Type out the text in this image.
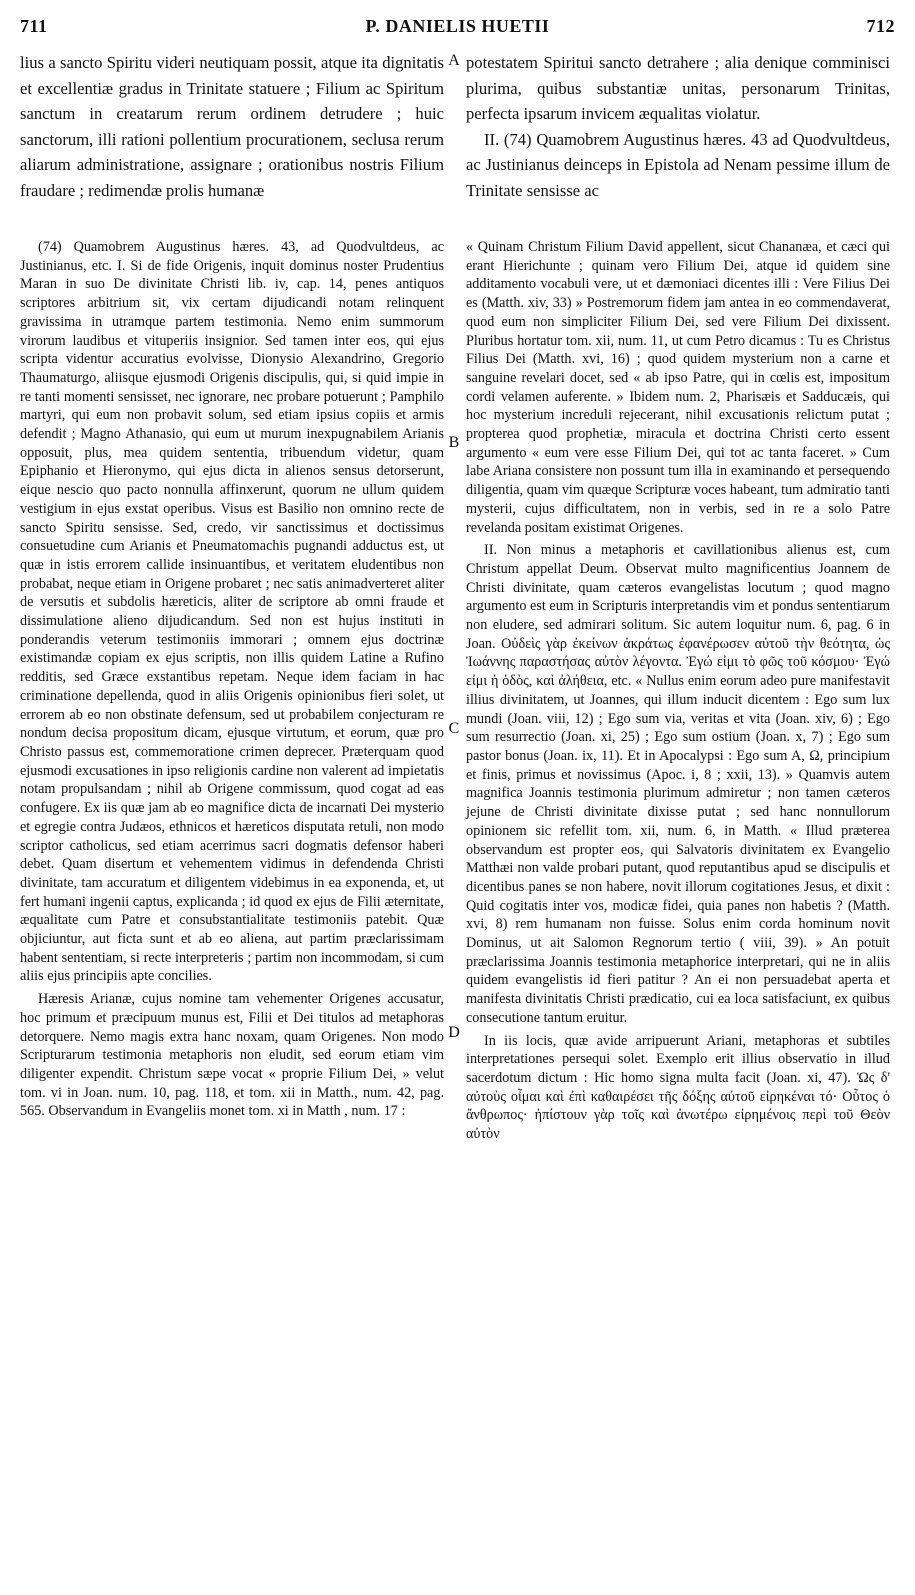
711	P. DANIELIS HUETII	712

lius a sancto Spiritu videri neutiquam possit, atque ita dignitatis et excellentiæ gradus in Trinitate statuere ; Filium ac Spiritum sanctum in creatarum rerum ordinem detrudere ; huic sanctorum, illi rationi pollentium procurationem, seclusa rerum aliarum administratione, assignare ; orationibus nostris Filium fraudare ; redimendæ prolis humanæ

potestatem Spiritui sancto detrahere ; alia denique comminisci plurima, quibus substantiæ unitas, personarum Trinitas, perfecta ipsarum invicem æqualitas violatur.

II. (74) Quamobrem Augustinus hæres. 43 ad Quodvultdeus, ac Justinianus deinceps in Epistola ad Nenam pessime illum de Trinitate sensisse ac

(74) Quamobrem Augustinus hæres. 43, ad Quodvultdeus, ac Justinianus, etc. I. Si de fide Origenis, inquit dominus noster Prudentius Maran in suo De divinitate Christi lib. iv, cap. 14, penes antiquos scriptores arbitrium sit, vix certam dijudicandi notam relinquent gravissima in utramque partem testimonia. Nemo enim summorum virorum laudibus et vituperiis insignior. Sed tamen inter eos, qui ejus scripta videntur accuratius evolvisse, Dionysio Alexandrino, Gregorio Thaumaturgo, aliisque ejusmodi Origenis discipulis, qui, si quid impie in re tanti momenti sensisset, nec ignorare, nec probare potuerunt ; Pamphilo martyri, qui eum non probavit solum, sed etiam ipsius copiis et armis defendit ; Magno Athanasio, qui eum ut murum inexpugnabilem Arianis opposuit, plus, mea quidem sententia, tribuendum videtur, quam Epiphanio et Hieronymo, qui ejus dicta in alienos sensus detorserunt, eique nescio quo pacto nonnulla affinxerunt, quorum ne ullum quidem vestigium in ejus exstat operibus. Visus est Basilio non omnino recte de sancto Spiritu sensisse. Sed, credo, vir sanctissimus et doctissimus consuetudine cum Arianis et Pneumatomachis pugnandi adductus est, ut quæ in istis errorem callide insinuantibus, et veritatem eludentibus non probabat, neque etiam in Origene probaret ; nec satis animadverteret aliter de versutis et subdolis hæreticis, aliter de scriptore ab omni fraude et dissimulatione alieno dijudicandum. Sed non est hujus instituti in ponderandis veterum testimoniis immorari ; omnem ejus doctrinæ existimandæ copiam ex ejus scriptis, non illis quidem Latine a Rufino redditis, sed Græce exstantibus repetam. Neque idem faciam in hac criminatione depellenda, quod in aliis Origenis opinionibus fieri solet, ut errorem ab eo non obstinate defensum, sed ut probabilem conjecturam re nondum decisa propositum dicam, ejusque virtutum, et eorum, quæ pro Christo passus est, commemoratione crimen deprecer. Præterquam quod ejusmodi excusationes in ipso religionis cardine non valerent ad impietatis notam propulsandam ; nihil ab Origene commissum, quod cogat ad eas confugere. Ex iis quæ jam ab eo magnifice dicta de incarnati Dei mysterio et egregie contra Judæos, ethnicos et hæreticos disputata retuli, non modo scriptor catholicus, sed etiam acerrimus sacri dogmatis defensor haberi debet. Quam disertum et vehementem vidimus in defendenda Christi divinitate, tam accuratum et diligentem videbimus in ea exponenda, et, ut fert humani ingenii captus, explicanda ; id quod ex ejus de Filii æternitate, æqualitate cum Patre et consubstantialitate testimoniis patebit. Quæ objiciuntur, aut ficta sunt et ab eo aliena, aut partim præclarissimam habent sententiam, si recte interpreteris ; partim non incommodam, si cum aliis ejus principiis apte concilies.

Hæresis Arianæ, cujus nomine tam vehementer Origenes accusatur, hoc primum et præcipuum munus est, Filii et Dei titulos ad metaphoras detorquere. Nemo magis extra hanc noxam, quam Origenes. Non modo Scripturarum testimonia metaphoris non eludit, sed eorum etiam vim diligenter expendit. Christum sæpe vocat « proprie Filium Dei, » velut tom. vi in Joan. num. 10, pag. 118, et tom. xii in Matth., num. 42, pag. 565. Observandum in Evangeliis monet tom. xi in Matth , num. 17 :

« Quinam Christum Filium David appellent, sicut Chananæa, et cæci qui erant Hierichunte ; quinam vero Filium Dei, atque id quidem sine additamento vocabuli vere, ut et dæmoniaci dicentes illi : Vere Filius Dei es (Matth. xiv, 33) » Postremorum fidem jam antea in eo commendaverat, quod eum non simpliciter Filium Dei, sed vere Filium Dei dixissent. Pluribus hortatur tom. xii, num. 11, ut cum Petro dicamus : Tu es Christus Filius Dei (Matth. xvi, 16) ; quod quidem mysterium non a carne et sanguine revelari docet, sed « ab ipso Patre, qui in cœlis est, impositum cordi velamen auferente. » Ibidem num. 2, Pharisæis et Sadducæis, qui hoc mysterium increduli rejecerant, nihil excusationis relictum putat ; propterea quod prophetiæ, miracula et doctrina Christi certo essent argumento « eum vere esse Filium Dei, qui tot ac tanta faceret. » Cum labe Ariana consistere non possunt tum illa in examinando et persequendo diligentia, quam vim quæque Scripturæ voces habeant, tum admiratio tanti mysterii, cujus difficultatem, non in verbis, sed in re a solo Patre revelanda positam existimat Origenes.

II. Non minus a metaphoris et cavillationibus alienus est, cum Christum appellat Deum. Observat multo magnificentius Joannem de Christi divinitate, quam cæteros evangelistas locutum ; quod magno argumento est eum in Scripturis interpretandis vim et pondus sententiarum non eludere, sed admirari solitum. Sic autem loquitur num. 6, pag. 6 in Joan. Οὐδεὶς γὰρ ἐκείνων ἀκράτως ἐφανέρωσεν αὐτοῦ τὴν θεότητα, ὡς Ἰωάννης παραστήσας αὐτὸν λέγοντα. Ἐγώ εἰμι τὸ φῶς τοῦ κόσμου· Ἐγώ εἰμι ἡ ὁδὸς, καὶ ἀλήθεια, etc. « Nullus enim eorum adeo pure manifestavit illius divinitatem, ut Joannes, qui illum inducit dicentem : Ego sum lux mundi (Joan. viii, 12) ; Ego sum via, veritas et vita (Joan. xiv, 6) ; Ego sum resurrectio (Joan. xi, 25) ; Ego sum ostium (Joan. x, 7) ; Ego sum pastor bonus (Joan. ix, 11). Et in Apocalypsi : Ego sum A, Ω, principium et finis, primus et novissimus (Apoc. i, 8 ; xxii, 13). » Quamvis autem magnifica Joannis testimonia plurimum admiretur ; non tamen cæteros jejune de Christi divinitate dixisse putat ; sed hanc nonnullorum opinionem sic refellit tom. xii, num. 6, in Matth. « Illud præterea observandum est propter eos, qui Salvatoris divinitatem ex Evangelio Matthæi non valde probari putant, quod reputantibus apud se discipulis et dicentibus panes se non habere, novit illorum cogitationes Jesus, et dixit : Quid cogitatis inter vos, modicæ fidei, quia panes non habetis ? (Matth. xvi, 8) rem humanam non fuisse. Solus enim corda hominum novit Dominus, ut ait Salomon Regnorum tertio ( viii, 39). » An potuit præclarissima Joannis testimonia metaphorice interpretari, qui ne in aliis quidem evangelistis id fieri patitur ? An ei non persuadebat aperta et manifesta divinitatis Christi prædicatio, cui ea loca satisfaciunt, ex quibus consecutione tantum eruitur.

In iis locis, quæ avide arripuerunt Ariani, metaphoras et subtiles interpretationes persequi solet. Exemplo erit illius observatio in illud sacerdotum dictum : Hic homo signa multa facit (Joan. xi, 47). Ὡς δ' αὐτοὺς οἶμαι καὶ ἐπὶ καθαιρέσει τῆς δόξης αὐτοῦ εἰρηκέναι τό· Οὗτος ὁ ἄνθρωπος· ἠπίστουν γὰρ τοῖς καὶ ἀνωτέρω εἰρημένοις περὶ τοῦ Θεὸν αὐτὸν

A
B
C
D
